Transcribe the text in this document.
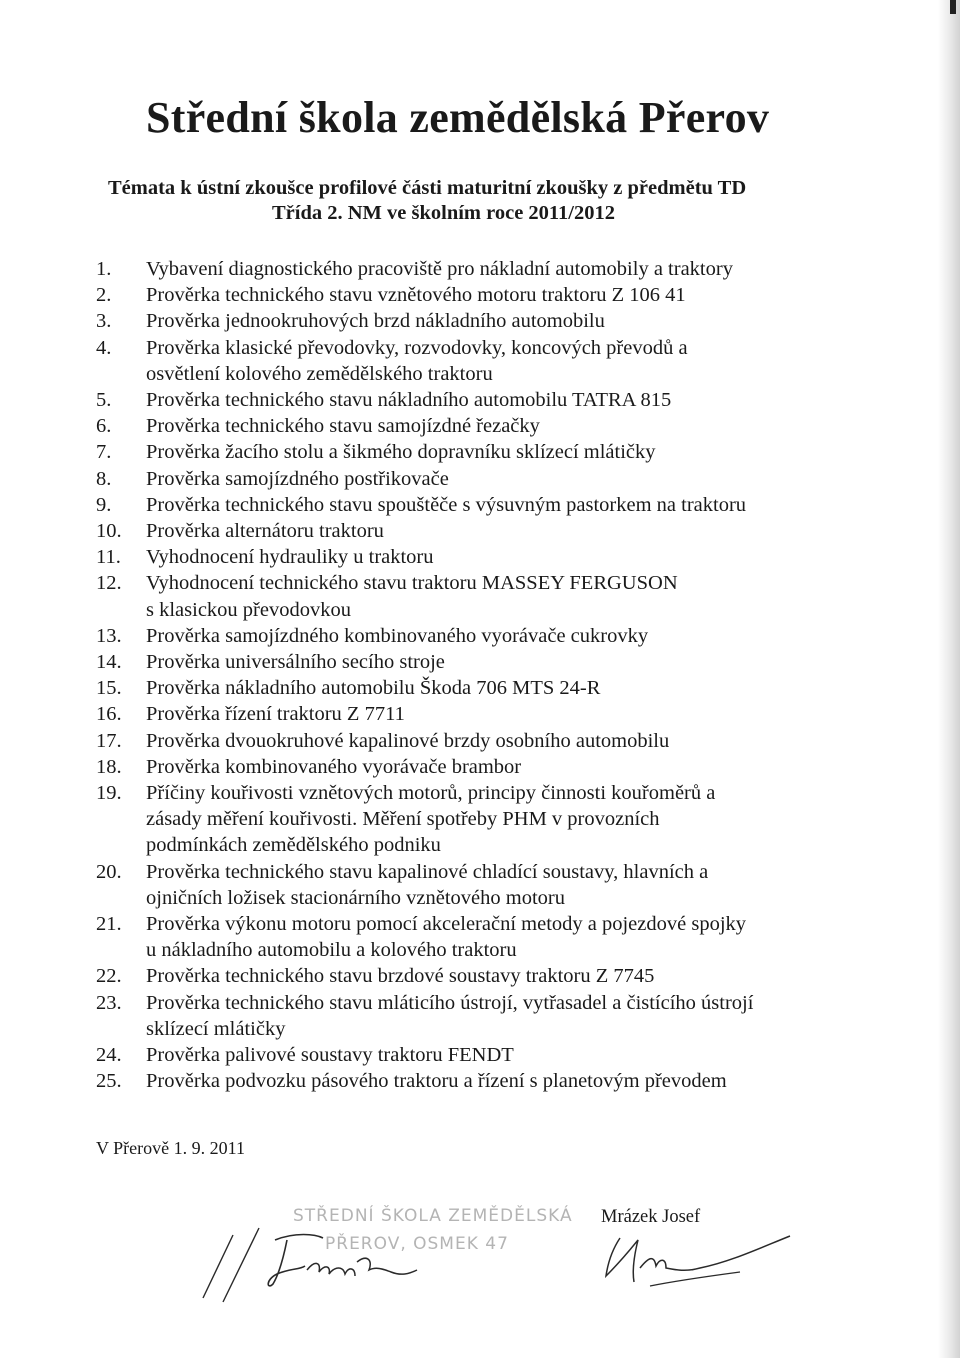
Střední škola zemědělská Přerov

Témata k ústní zkoušce profilové části maturitní zkoušky z předmětu TD

Třída 2. NM ve školním roce 2011/2012

1.	Vybavení diagnostického pracoviště pro nákladní automobily a traktory
2.	Prověrka technického stavu vznětového motoru traktoru Z 106 41
3.	Prověrka jednookruhových brzd nákladního automobilu
4.	Prověrka klasické převodovky, rozvodovky, koncových převodů a
osvětlení kolového zemědělského traktoru
5.	Prověrka technického stavu nákladního automobilu TATRA 815
6.	Prověrka technického stavu samojízdné řezačky
7.	Prověrka žacího stolu a šikmého dopravníku sklízecí mlátičky
8.	Prověrka samojízdného postřikovače
9.	Prověrka technického stavu spouštěče s výsuvným pastorkem na traktoru
10.	Prověrka alternátoru traktoru
11.	Vyhodnocení hydrauliky u traktoru
12.	Vyhodnocení technického stavu traktoru MASSEY FERGUSON
s klasickou převodovkou
13.	Prověrka samojízdného kombinovaného vyorávače cukrovky
14.	Prověrka universálního secího stroje
15.	Prověrka nákladního automobilu Škoda 706 MTS 24-R
16.	Prověrka řízení traktoru Z 7711
17.	Prověrka dvouokruhové kapalinové brzdy osobního automobilu
18.	Prověrka kombinovaného vyorávače brambor
19.	Příčiny kouřivosti vznětových motorů, principy činnosti kouřoměrů a
zásady měření kouřivosti. Měření spotřeby PHM v provozních
podmínkách zemědělského podniku
20.	Prověrka technického stavu kapalinové chladící soustavy, hlavních a
ojničních ložisek stacionárního vznětového motoru
21.	Prověrka výkonu motoru pomocí akcelerační metody a pojezdové spojky
u nákladního automobilu a kolového traktoru
22.	Prověrka technického stavu brzdové soustavy traktoru Z 7745
23.	Prověrka technického stavu mláticího ústrojí, vytřasadel a čistícího ústrojí
sklízecí mlátičky
24.	Prověrka palivové soustavy traktoru FENDT
25.	Prověrka podvozku pásového traktoru a řízení s planetovým převodem
V Přerově 1. 9. 2011
STŘEDNÍ ŠKOLA ZEMĚDĚLSKÁ
PŘEROV, OSMEK 47
Mrázek Josef
